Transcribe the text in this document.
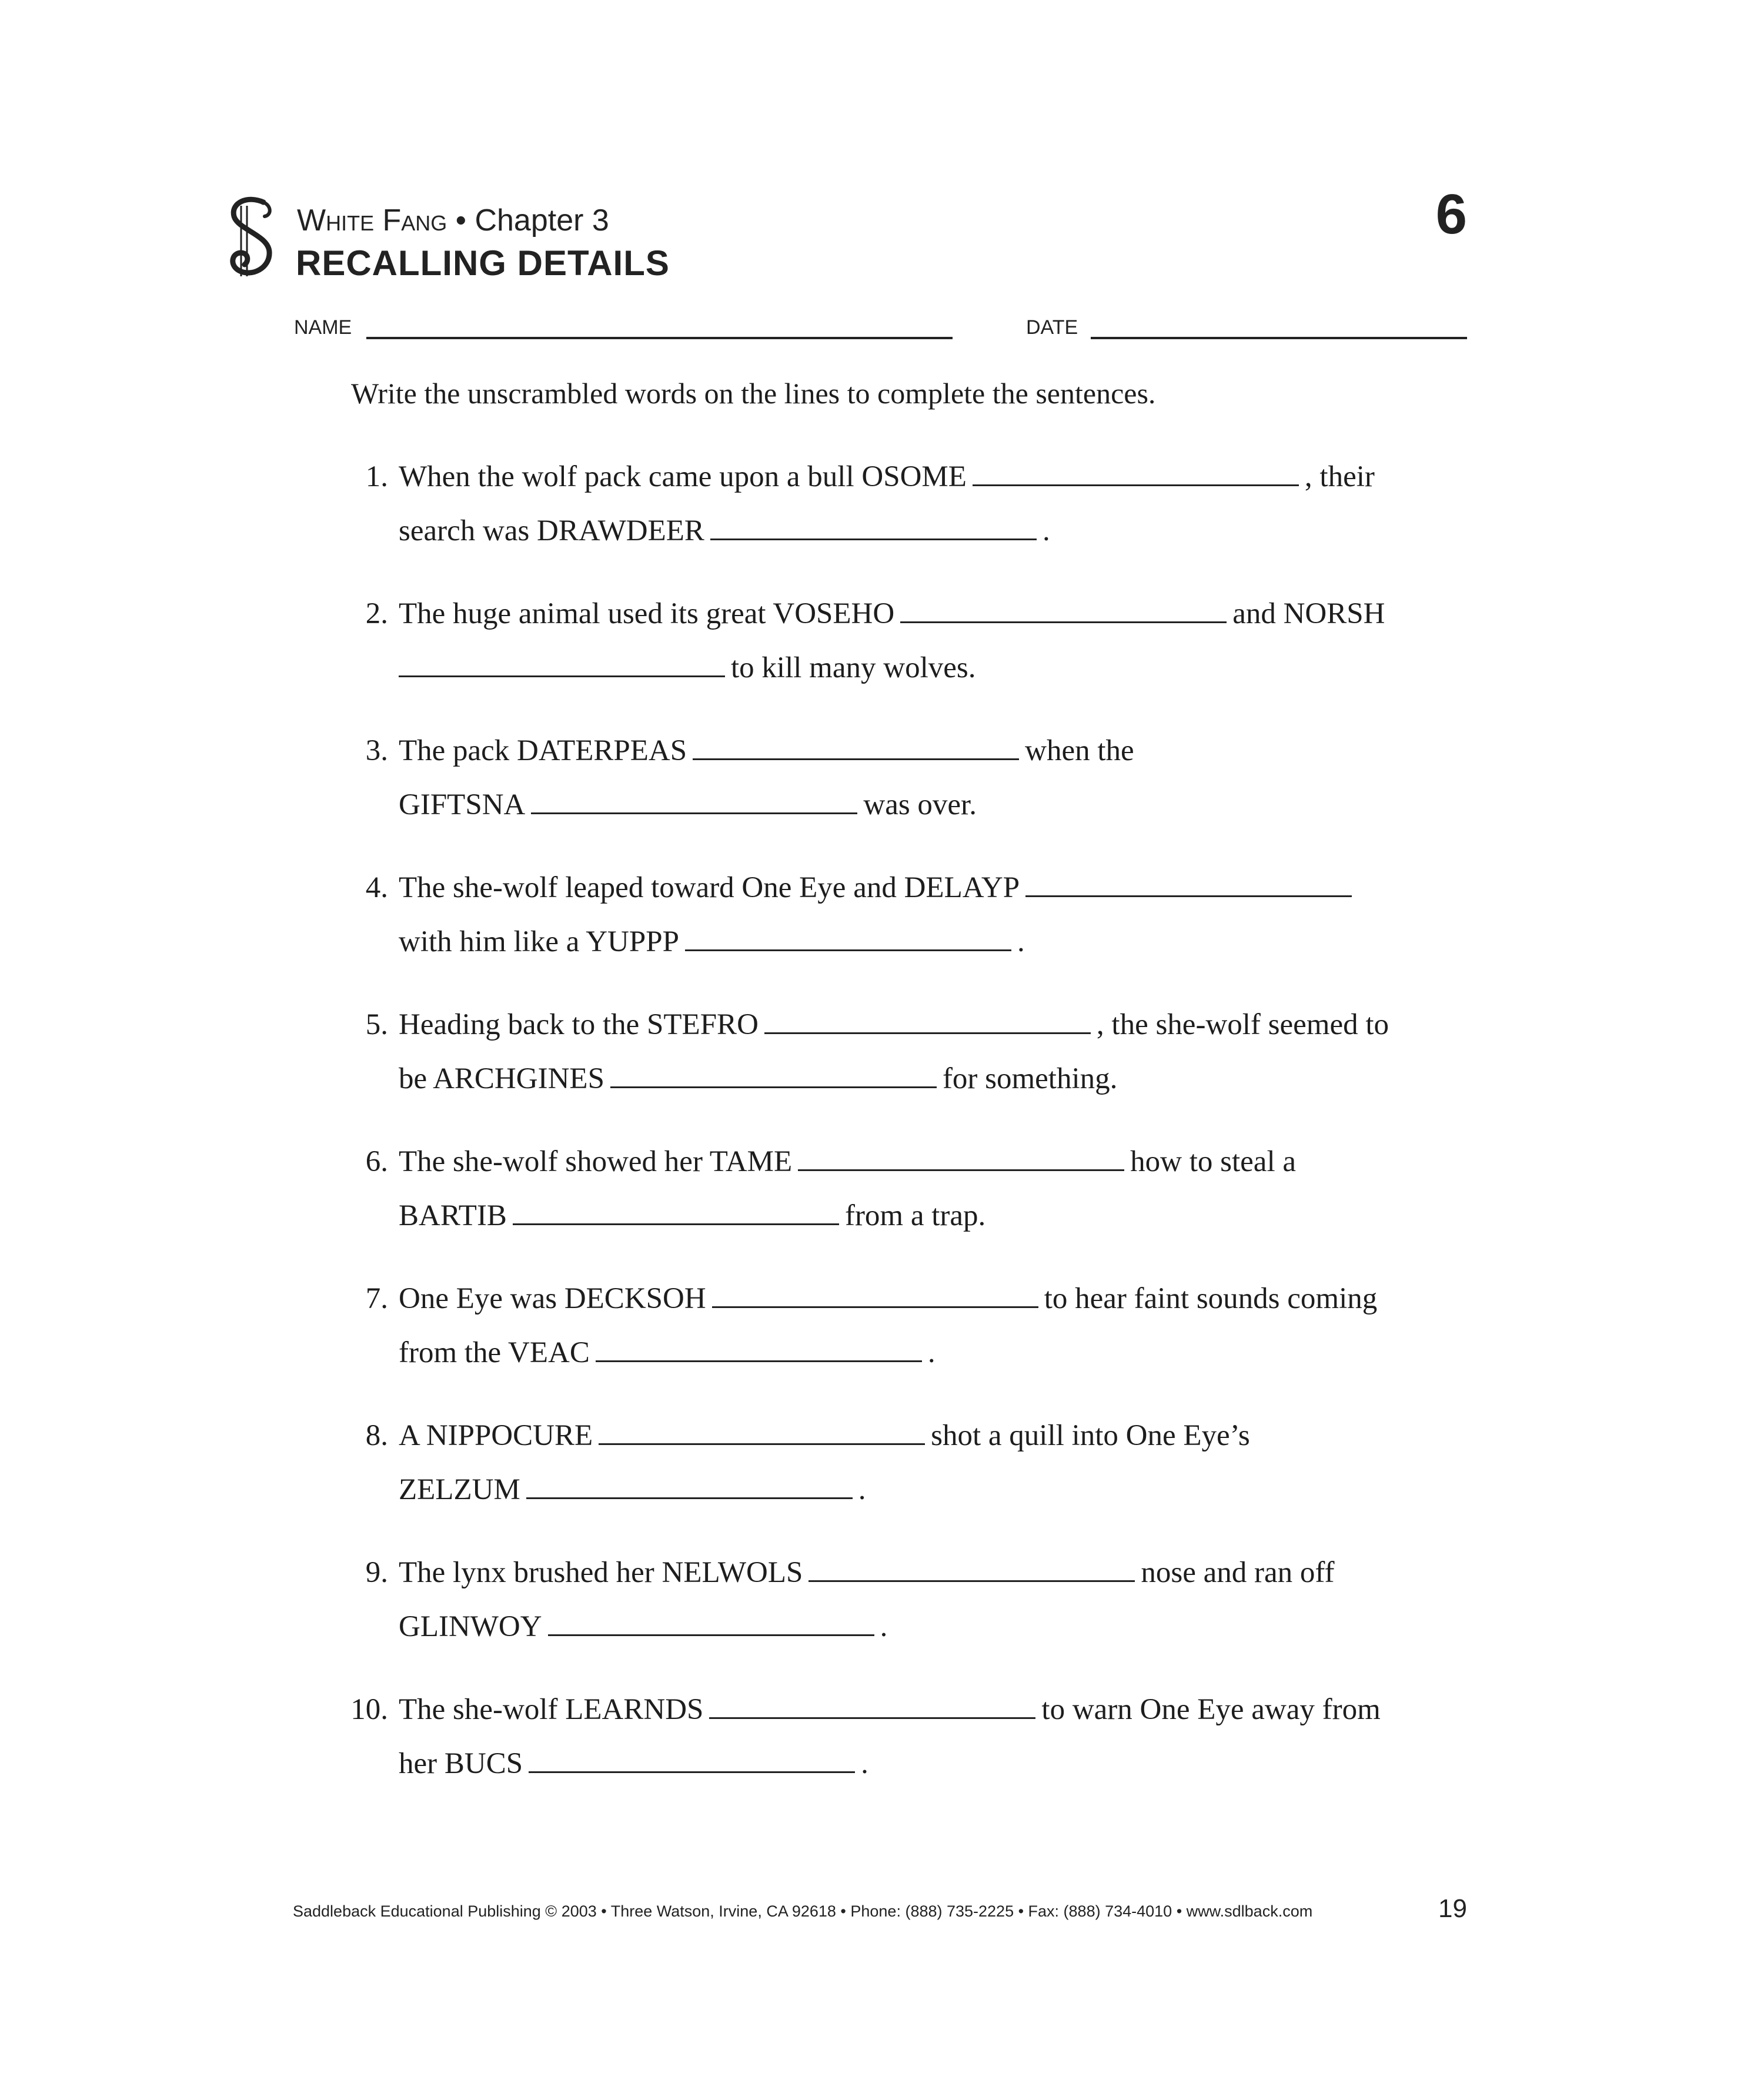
White Fang • Chapter 3
RECALLING DETAILS
6
NAME	DATE

Write the unscrambled words on the lines to complete the sentences.

1. When the wolf pack came upon a bull OSOME	, their
search was DRAWDEER	.
2. The huge animal used its great VOSEHO	and NORSH
to kill many wolves.
3. The pack DATERPEAS	when the
GIFTSNA	was over.
4. The she-wolf leaped toward One Eye and DELAYP
with him like a YUPPP	.
5. Heading back to the STEFRO	, the she-wolf seemed to
be ARCHGINES	for something.
6. The she-wolf showed her TAME	how to steal a
BARTIB	from a trap.
7. One Eye was DECKSOH	to hear faint sounds coming
from the VEAC	.
8. A NIPPOCURE	shot a quill into One Eye’s
ZELZUM	.
9. The lynx brushed her NELWOLS	nose and ran off
GLINWOY	.
10. The she-wolf LEARNDS	to warn One Eye away from
her BUCS	.
Saddleback Educational Publishing © 2003 • Three Watson, Irvine, CA 92618 • Phone: (888) 735-2225 • Fax: (888) 734-4010 • www.sdlback.com	19
